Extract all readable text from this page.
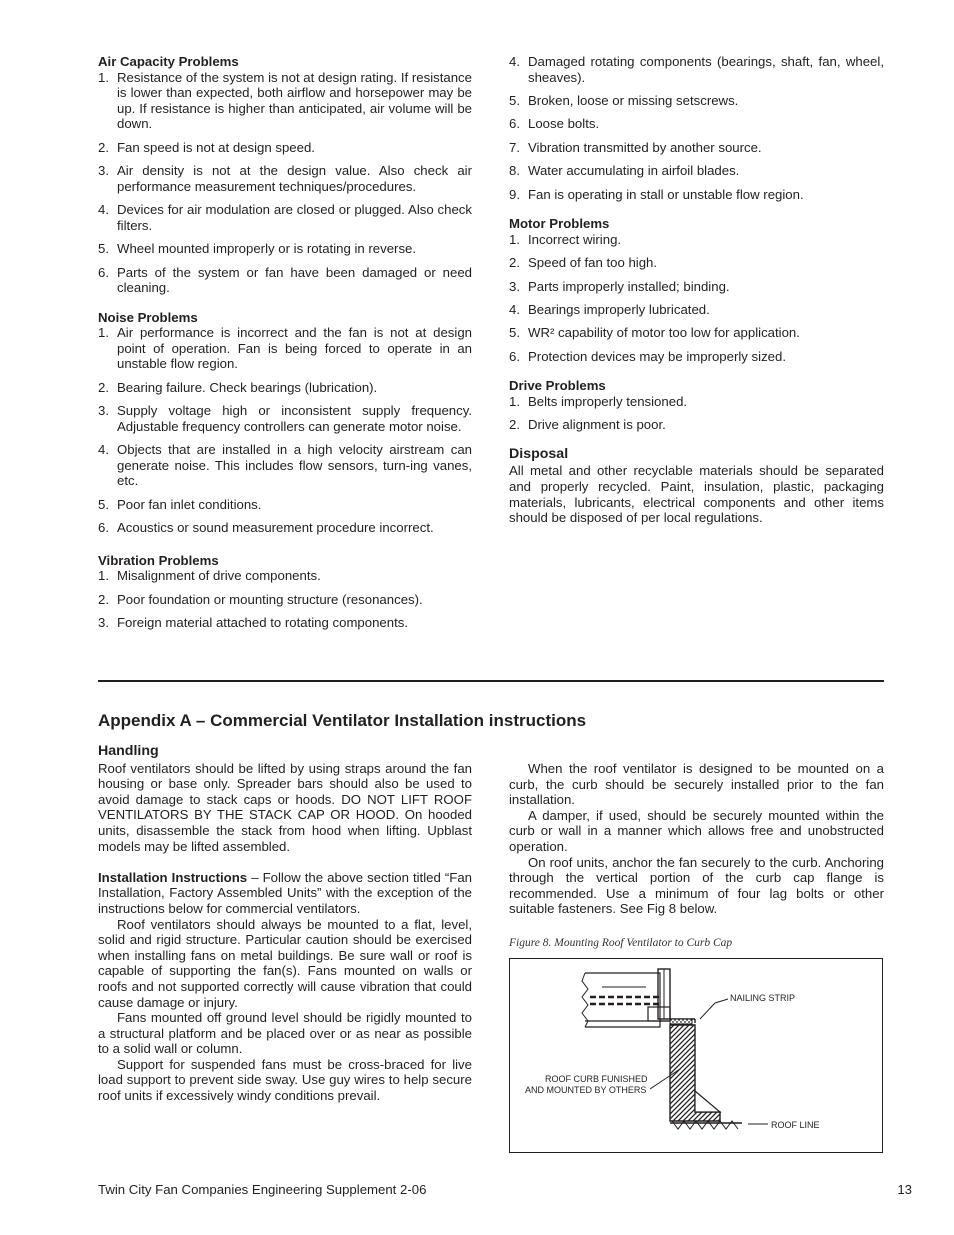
Air Capacity Problems

1. Resistance of the system is not at design rating. If resistance is lower than expected, both airflow and horsepower may be up. If resistance is higher than anticipated, air volume will be down.
2. Fan speed is not at design speed.
3. Air density is not at the design value. Also check air performance measurement techniques/procedures.
4. Devices for air modulation are closed or plugged. Also check filters.
5. Wheel mounted improperly or is rotating in reverse.
6. Parts of the system or fan have been damaged or need cleaning.

Noise Problems

1. Air performance is incorrect and the fan is not at design point of operation. Fan is being forced to operate in an unstable flow region.
2. Bearing failure. Check bearings (lubrication).
3. Supply voltage high or inconsistent supply frequency. Adjustable frequency controllers can generate motor noise.
4. Objects that are installed in a high velocity airstream can generate noise. This includes flow sensors, turn-ing vanes, etc.
5. Poor fan inlet conditions.
6. Acoustics or sound measurement procedure incorrect.

Vibration Problems

1. Misalignment of drive components.
2. Poor foundation or mounting structure (resonances).
3. Foreign material attached to rotating components.
4. Damaged rotating components (bearings, shaft, fan, wheel, sheaves).
5. Broken, loose or missing setscrews.
6. Loose bolts.
7. Vibration transmitted by another source.
8. Water accumulating in airfoil blades.
9. Fan is operating in stall or unstable flow region.

Motor Problems

1. Incorrect wiring.
2. Speed of fan too high.
3. Parts improperly installed; binding.
4. Bearings improperly lubricated.
5. WR² capability of motor too low for application.
6. Protection devices may be improperly sized.

Drive Problems

1. Belts improperly tensioned.
2. Drive alignment is poor.

Disposal

All metal and other recyclable materials should be separated and properly recycled. Paint, insulation, plastic, packaging materials, lubricants, electrical components and other items should be disposed of per local regulations.

Appendix A – Commercial Ventilator Installation instructions

Handling

Roof ventilators should be lifted by using straps around the fan housing or base only. Spreader bars should also be used to avoid damage to stack caps or hoods. DO NOT LIFT ROOF VENTILATORS BY THE STACK CAP OR HOOD. On hooded units, disassemble the stack from hood when lifting. Upblast models may be lifted assembled.

Installation Instructions – Follow the above section titled “Fan Installation, Factory Assembled Units” with the exception of the instructions below for commercial ventilators.

Roof ventilators should always be mounted to a flat, level, solid and rigid structure. Particular caution should be exercised when installing fans on metal buildings. Be sure wall or roof is capable of supporting the fan(s). Fans mounted on walls or roofs and not supported correctly will cause vibration that could cause damage or injury.

Fans mounted off ground level should be rigidly mounted to a structural platform and be placed over or as near as possible to a solid wall or column.

Support for suspended fans must be cross-braced for live load support to prevent side sway. Use guy wires to help secure roof units if excessively windy conditions prevail.

When the roof ventilator is designed to be mounted on a curb, the curb should be securely installed prior to the fan installation.

A damper, if used, should be securely mounted within the curb or wall in a manner which allows free and unobstructed operation.

On roof units, anchor the fan securely to the curb. Anchoring through the vertical portion of the curb cap flange is recommended. Use a minimum of four lag bolts or other suitable fasteners. See Fig 8 below.

Figure 8. Mounting Roof Ventilator to Curb Cap

NAILING STRIP
ROOF CURB FUNISHED
AND MOUNTED BY OTHERS
ROOF LINE

Twin City Fan Companies Engineering Supplement 2-06	13
